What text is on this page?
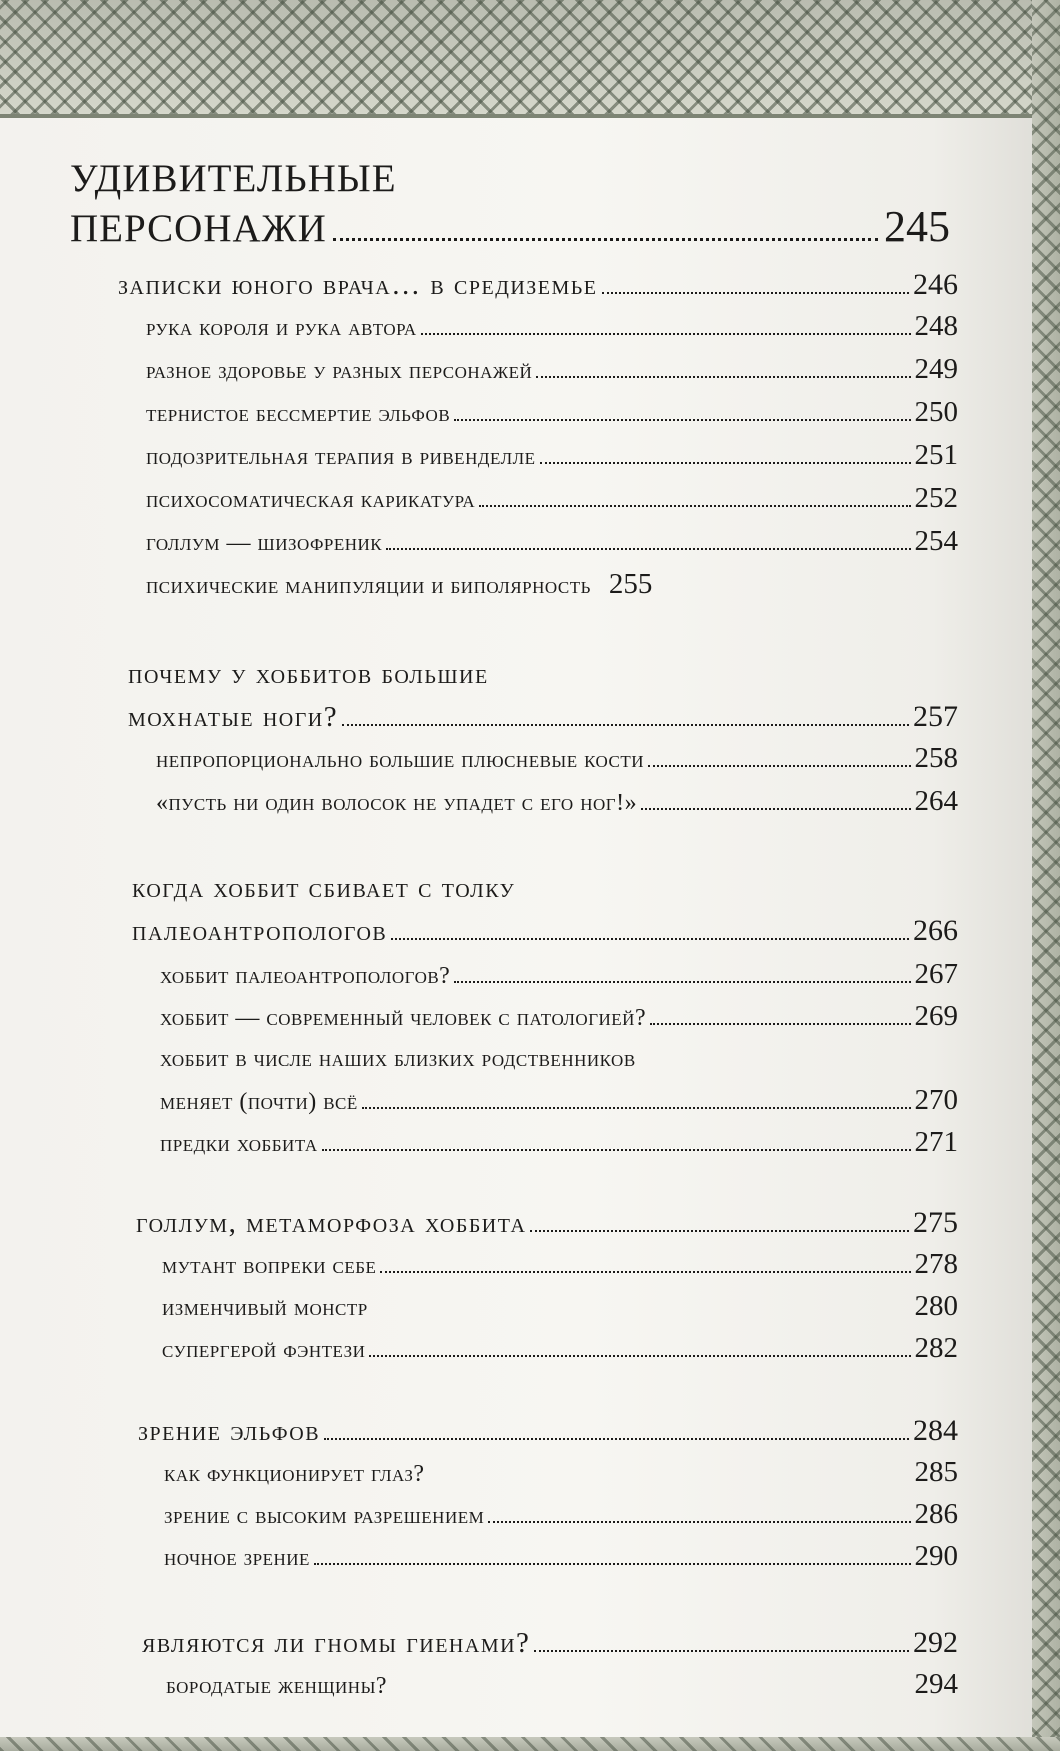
удивительные
персонажи	245
записки юного врача… в средиземье	246
рука короля и рука автора	248
разное здоровье у разных персонажей	249
тернистое бессмертие эльфов	250
подозрительная терапия в ривенделле	251
психосоматическая карикатура	252
голлум — шизофреник	254
психические манипуляции и биполярность 255
почему у хоббитов большие
мохнатые ноги?	257
непропорционально большие плюсневые кости	258
«пусть ни один волосок не упадет с его ног!»	264
когда хоббит сбивает с толку
палеоантропологов	266
хоббит палеоантропологов?	267
хоббит — современный человек с патологией?	269
хоббит в числе наших близких родственников
меняет (почти) всё	270
предки хоббита	271
голлум, метаморфоза хоббита	275
мутант вопреки себе	278
изменчивый монстр	280
супергерой фэнтези	282
зрение эльфов	284
как функционирует глаз?	285
зрение с высоким разрешением	286
ночное зрение	290
являются ли гномы гиенами?	292
бородатые женщины?	294
